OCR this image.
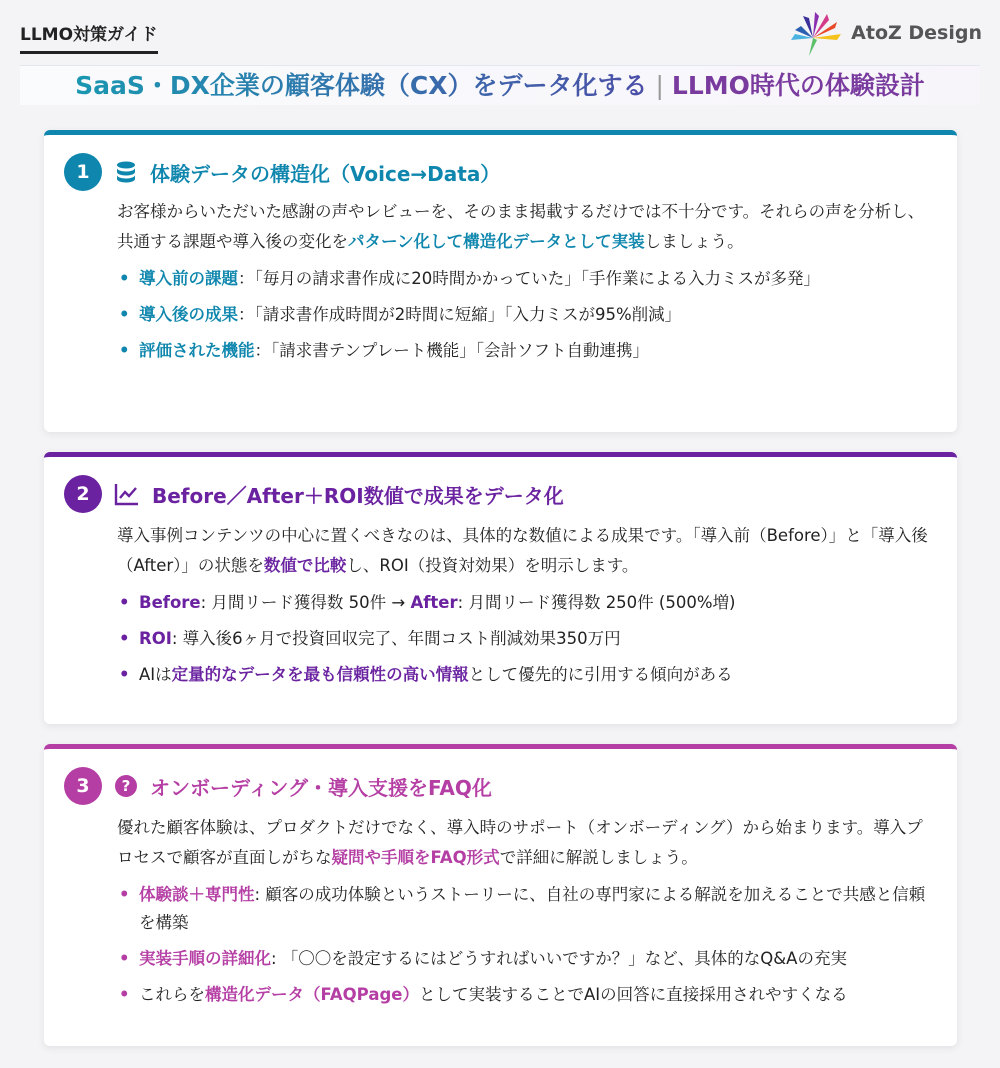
LLMO対策ガイド	AtoZ Design
SaaS・DX企業の顧客体験（CX）をデータ化する | LLMO時代の体験設計
1	体験データの構造化（Voice→Data）

お客様からいただいた感謝の声やレビューを、そのまま掲載するだけでは不十分です。それらの声を分析し、共通する課題や導入後の変化をパターン化して構造化データとして実装しましょう。

• 導入前の課題：「毎月の請求書作成に20時間かかっていた」「手作業による入力ミスが多発」
• 導入後の成果：「請求書作成時間が2時間に短縮」「入力ミスが95%削減」
• 評価された機能：「請求書テンプレート機能」「会計ソフト自動連携」
2	Before／After＋ROI数値で成果をデータ化

導入事例コンテンツの中心に置くべきなのは、具体的な数値による成果です。「導入前（Before）」と「導入後（After）」の状態を数値で比較し、ROI（投資対効果）を明示します。

• Before: 月間リード獲得数 50件 → After: 月間リード獲得数 250件 (500%増)
• ROI: 導入後6ヶ月で投資回収完了、年間コスト削減効果350万円
• AIは定量的なデータを最も信頼性の高い情報として優先的に引用する傾向がある
3	? オンボーディング・導入支援をFAQ化

優れた顧客体験は、プロダクトだけでなく、導入時のサポート（オンボーディング）から始まります。導入プロセスで顧客が直面しがちな疑問や手順をFAQ形式で詳細に解説しましょう。

• 体験談＋専門性: 顧客の成功体験というストーリーに、自社の専門家による解説を加えることで共感と信頼を構築
• 実装手順の詳細化: 「〇〇を設定するにはどうすればいいですか？」など、具体的なQ&Aの充実
• これらを構造化データ（FAQPage）として実装することでAIの回答に直接採用されやすくなる
